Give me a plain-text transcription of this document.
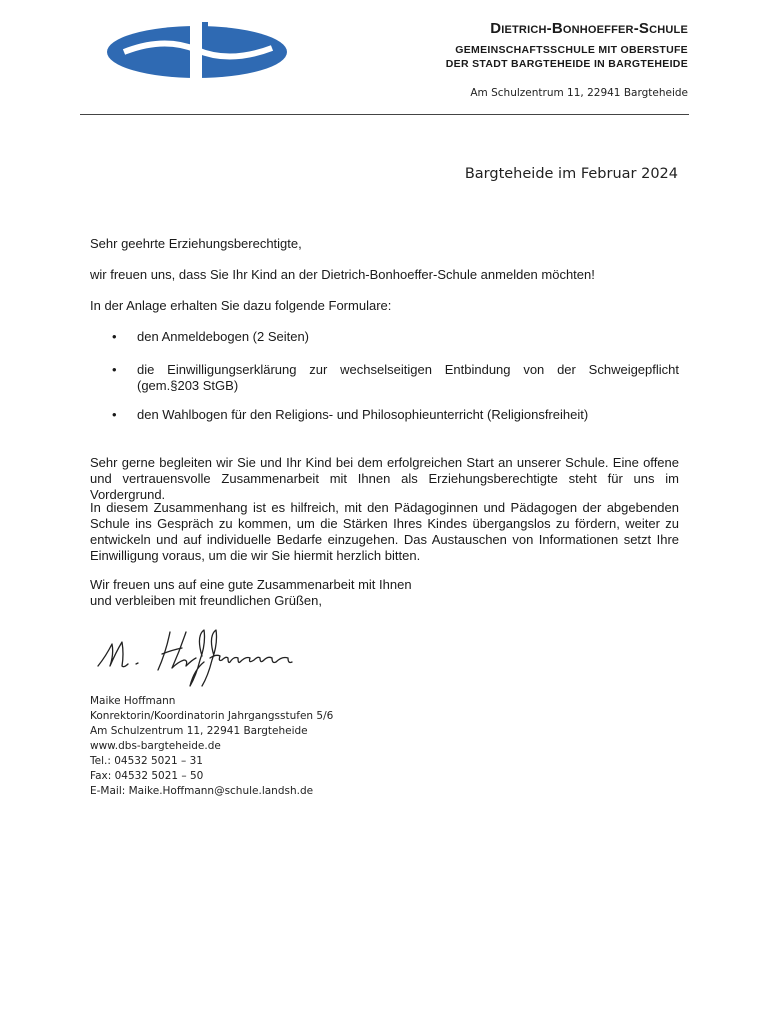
Dietrich-Bonhoeffer-Schule
GEMEINSCHAFTSSCHULE MIT OBERSTUFE
DER STADT BARGTEHEIDE IN BARGTEHEIDE
Am Schulzentrum 11, 22941 Bargteheide
Bargteheide im Februar 2024
Sehr geehrte Erziehungsberechtigte,
wir freuen uns, dass Sie Ihr Kind an der Dietrich-Bonhoeffer-Schule anmelden möchten!
In der Anlage erhalten Sie dazu folgende Formulare:
• den Anmeldebogen (2 Seiten)
• die Einwilligungserklärung zur wechselseitigen Entbindung von der Schweigepflicht (gem.§203 StGB)
• den Wahlbogen für den Religions- und Philosophieunterricht (Religionsfreiheit)
Sehr gerne begleiten wir Sie und Ihr Kind bei dem erfolgreichen Start an unserer Schule. Eine offene und vertrauensvolle Zusammenarbeit mit Ihnen als Erziehungsberechtigte steht für uns im Vordergrund.
In diesem Zusammenhang ist es hilfreich, mit den Pädagoginnen und Pädagogen der abgebenden Schule ins Gespräch zu kommen, um die Stärken Ihres Kindes übergangslos zu fördern, weiter zu entwickeln und auf individuelle Bedarfe einzugehen. Das Austauschen von Informationen setzt Ihre Einwilligung voraus, um die wir Sie hiermit herzlich bitten.
Wir freuen uns auf eine gute Zusammenarbeit mit Ihnen
und verbleiben mit freundlichen Grüßen,
Maike Hoffmann
Konrektorin/Koordinatorin Jahrgangsstufen 5/6
Am Schulzentrum 11, 22941 Bargteheide
www.dbs-bargteheide.de
Tel.: 04532 5021 – 31
Fax: 04532 5021 – 50
E-Mail: Maike.Hoffmann@schule.landsh.de
